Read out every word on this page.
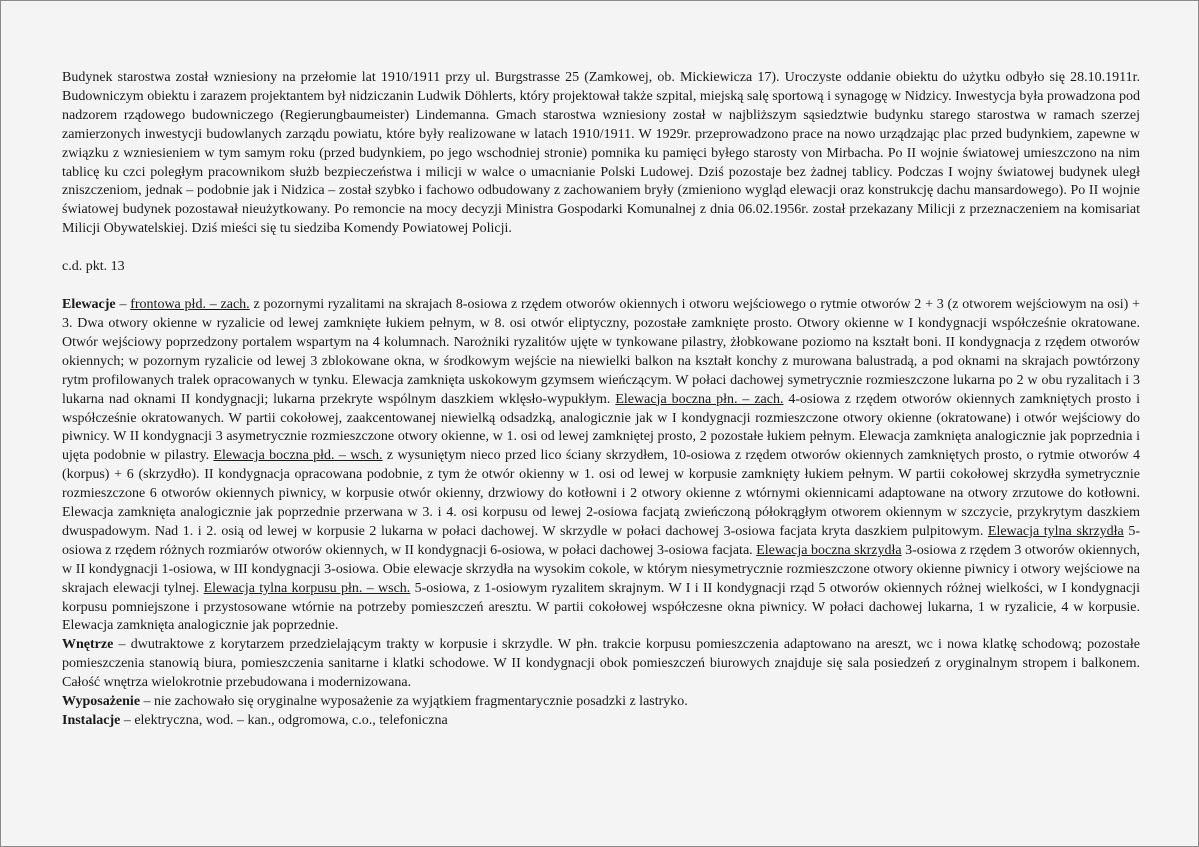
Budynek starostwa został wzniesiony na przełomie lat 1910/1911 przy ul. Burgstrasse 25 (Zamkowej, ob. Mickiewicza 17). Uroczyste oddanie obiektu do użytku odbyło się 28.10.1911r. Budowniczym obiektu i zarazem projektantem był nidziczanin Ludwik Döhlerts, który projektował także szpital, miejską salę sportową i synagogę w Nidzicy. Inwestycja była prowadzona pod nadzorem rządowego budowniczego (Regierungbaumeister) Lindemanna. Gmach starostwa wzniesiony został w najbliższym sąsiedztwie budynku starego starostwa w ramach szerzej zamierzonych inwestycji budowlanych zarządu powiatu, które były realizowane w latach 1910/1911. W 1929r. przeprowadzono prace na nowo urządzając plac przed budynkiem, zapewne w związku z wzniesieniem w tym samym roku (przed budynkiem, po jego wschodniej stronie) pomnika ku pamięci byłego starosty von Mirbacha. Po II wojnie światowej umieszczono na nim tablicę ku czci poległym pracownikom służb bezpieczeństwa i milicji w walce o umacnianie Polski Ludowej. Dziś pozostaje bez żadnej tablicy. Podczas I wojny światowej budynek uległ zniszczeniom, jednak – podobnie jak i Nidzica – został szybko i fachowo odbudowany z zachowaniem bryły (zmieniono wygląd elewacji oraz konstrukcję dachu mansardowego). Po II wojnie światowej budynek pozostawał nieużytkowany. Po remoncie na mocy decyzji Ministra Gospodarki Komunalnej z dnia 06.02.1956r. został przekazany Milicji z przeznaczeniem na komisariat Milicji Obywatelskiej. Dziś mieści się tu siedziba Komendy Powiatowej Policji.

c.d. pkt. 13

Elewacje – frontowa płd. – zach. z pozornymi ryzalitami na skrajach 8-osiowa z rzędem otworów okiennych i otworu wejściowego o rytmie otworów 2 + 3 (z otworem wejściowym na osi) + 3. Dwa otwory okienne w ryzalicie od lewej zamknięte łukiem pełnym, w 8. osi otwór eliptyczny, pozostałe zamknięte prosto. Otwory okienne w I kondygnacji współcześnie okratowane. Otwór wejściowy poprzedzony portalem wspartym na 4 kolumnach. Narożniki ryzalitów ujęte w tynkowane pilastry, żłobkowane poziomo na kształt boni. II kondygnacja z rzędem otworów okiennych; w pozornym ryzalicie od lewej 3 zblokowane okna, w środkowym wejście na niewielki balkon na kształt konchy z murowana balustradą, a pod oknami na skrajach powtórzony rytm profilowanych tralek opracowanych w tynku. Elewacja zamknięta uskokowym gzymsem wieńczącym. W połaci dachowej symetrycznie rozmieszczone lukarna po 2 w obu ryzalitach i 3 lukarna nad oknami II kondygnacji; lukarna przekryte wspólnym daszkiem wklęsło-wypukłym. Elewacja boczna płn. – zach. 4-osiowa z rzędem otworów okiennych zamkniętych prosto i współcześnie okratowanych. W partii cokołowej, zaakcentowanej niewielką odsadzką, analogicznie jak w I kondygnacji rozmieszczone otwory okienne (okratowane) i otwór wejściowy do piwnicy. W II kondygnacji 3 asymetrycznie rozmieszczone otwory okienne, w 1. osi od lewej zamkniętej prosto, 2 pozostałe łukiem pełnym. Elewacja zamknięta analogicznie jak poprzednia i ujęta podobnie w pilastry. Elewacja boczna płd. – wsch. z wysuniętym nieco przed lico ściany skrzydłem, 10-osiowa z rzędem otworów okiennych zamkniętych prosto, o rytmie otworów 4 (korpus) + 6 (skrzydło). II kondygnacja opracowana podobnie, z tym że otwór okienny w 1. osi od lewej w korpusie zamknięty łukiem pełnym. W partii cokołowej skrzydła symetrycznie rozmieszczone 6 otworów okiennych piwnicy, w korpusie otwór okienny, drzwiowy do kotłowni i 2 otwory okienne z wtórnymi okiennicami adaptowane na otwory zrzutowe do kotłowni. Elewacja zamknięta analogicznie jak poprzednie przerwana w 3. i 4. osi korpusu od lewej 2-osiowa facjatą zwieńczoną półokrągłym otworem okiennym w szczycie, przykrytym daszkiem dwuspadowym. Nad 1. i 2. osią od lewej w korpusie 2 lukarna w połaci dachowej. W skrzydle w połaci dachowej 3-osiowa facjata kryta daszkiem pulpitowym. Elewacja tylna skrzydła 5-osiowa z rzędem różnych rozmiarów otworów okiennych, w II kondygnacji 6-osiowa, w połaci dachowej 3-osiowa facjata. Elewacja boczna skrzydła 3-osiowa z rzędem 3 otworów okiennych, w II kondygnacji 1-osiowa, w III kondygnacji 3-osiowa. Obie elewacje skrzydła na wysokim cokole, w którym niesymetrycznie rozmieszczone otwory okienne piwnicy i otwory wejściowe na skrajach elewacji tylnej. Elewacja tylna korpusu płn. – wsch. 5-osiowa, z 1-osiowym ryzalitem skrajnym. W I i II kondygnacji rząd 5 otworów okiennych różnej wielkości, w I kondygnacji korpusu pomniejszone i przystosowane wtórnie na potrzeby pomieszczeń aresztu. W partii cokołowej współczesne okna piwnicy. W połaci dachowej lukarna, 1 w ryzalicie, 4 w korpusie. Elewacja zamknięta analogicznie jak poprzednie.

Wnętrze – dwutraktowe z korytarzem przedzielającym trakty w korpusie i skrzydle. W płn. trakcie korpusu pomieszczenia adaptowano na areszt, wc i nowa klatkę schodową; pozostałe pomieszczenia stanowią biura, pomieszczenia sanitarne i klatki schodowe. W II kondygnacji obok pomieszczeń biurowych znajduje się sala posiedzeń z oryginalnym stropem i balkonem. Całość wnętrza wielokrotnie przebudowana i modernizowana.

Wyposażenie – nie zachowało się oryginalne wyposażenie za wyjątkiem fragmentarycznie posadzki z lastryko.

Instalacje – elektryczna, wod. – kan., odgromowa, c.o., telefoniczna
